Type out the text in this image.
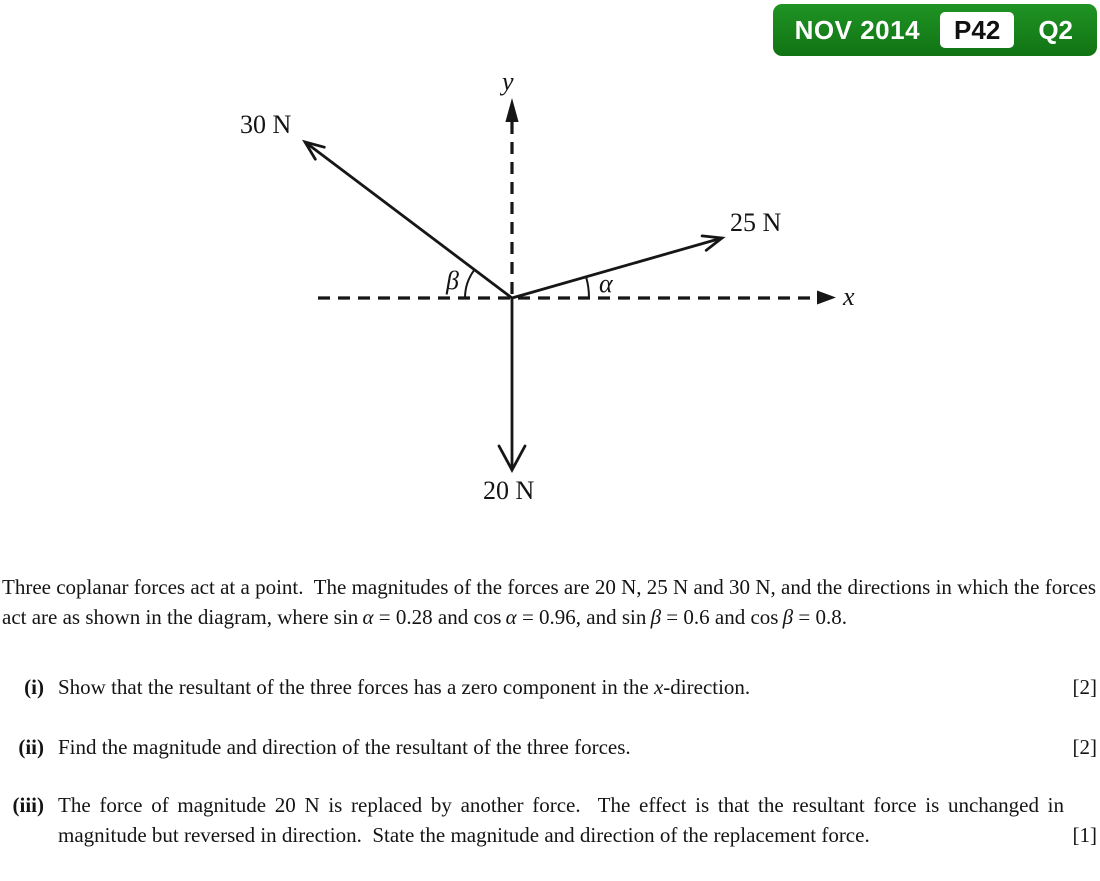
NOV 2014	P42	Q2
y
x
30 N
25 N
20 N
β	α

Three coplanar forces act at a point.  The magnitudes of the forces are 20 N, 25 N and 30 N, and the directions in which the forces act are as shown in the diagram, where sin α = 0.28 and cos α = 0.96, and sin β = 0.6 and cos β = 0.8.

(i) Show that the resultant of the three forces has a zero component in the x-direction.	[2]
(ii) Find the magnitude and direction of the resultant of the three forces.	[2]
(iii) The force of magnitude 20 N is replaced by another force.  The effect is that the resultant force is unchanged in magnitude but reversed in direction.  State the magnitude and direction of the replacement force.	[1]
